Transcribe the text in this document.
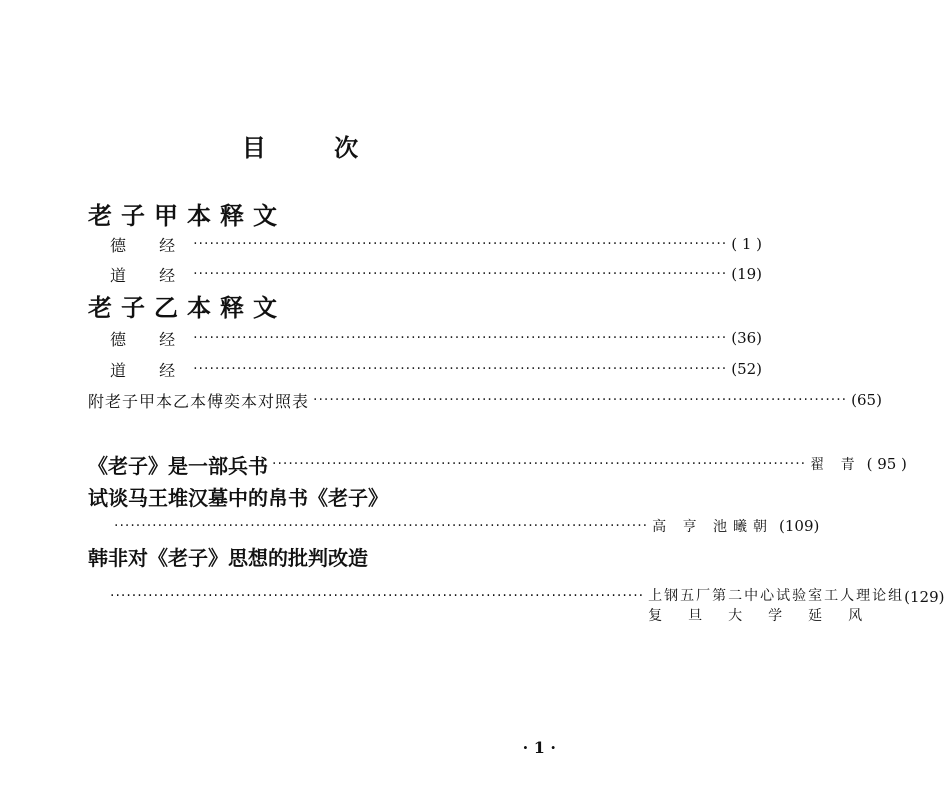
目 次
老子甲本释文
德 经 ·································································································· ( 1 )
道 经 ·································································································· (19)
老子乙本释文
德 经 ·································································································· (36)
道 经 ·································································································· (52)
附老子甲本乙本傅奕本对照表 ·································································································· (65)
《老子》是一部兵书 ·································································································· 翟 青 ( 95 )
试谈马王堆汉墓中的帛书《老子》
·································································································· 高 亨 池曦朝 (109)
韩非对《老子》思想的批判改造
·································································································· 上钢五厂第二中心试验室工人理论组
复旦大学延风
(129)
· 1 ·
